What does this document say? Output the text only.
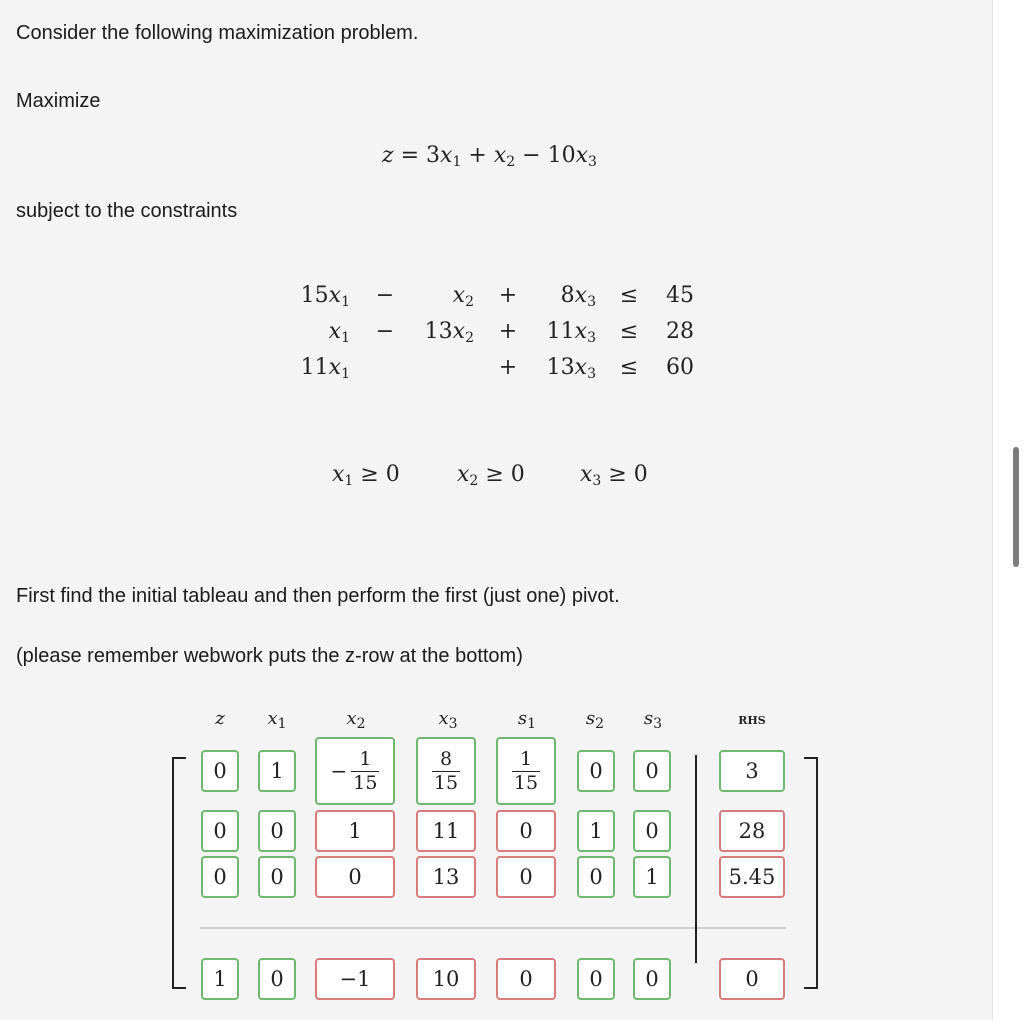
Consider the following maximization problem.
Maximize
$z = 3x_1 + x_2 - 10x_3$
subject to the constraints
$15x_1$ −	$x_2$ +	$8x_3 \le 45$
$x_1$ −	$13x_2$ +	$11x_3 \le 28$
$11x_1$	+	$13x_3 \le 60$
$x_1 \ge 0$	$x_2 \ge 0$	$x_3 \ge 0$
First find the initial tableau and then perform the first (just one) pivot.
(please remember webwork puts the z-row at the bottom)
z	$x_1$	$x_2$	$x_3$	$s_1$	$s_2$	$s_3$	RHS
0	1	− $\frac{1}{15}$	$\frac{8}{15}$	$\frac{1}{15}$	0	0	3
0	0	1	11	0	1	0	28
0	0	0	13	0	0	1	5.45
1	0	−1	10	0	0	0	0
